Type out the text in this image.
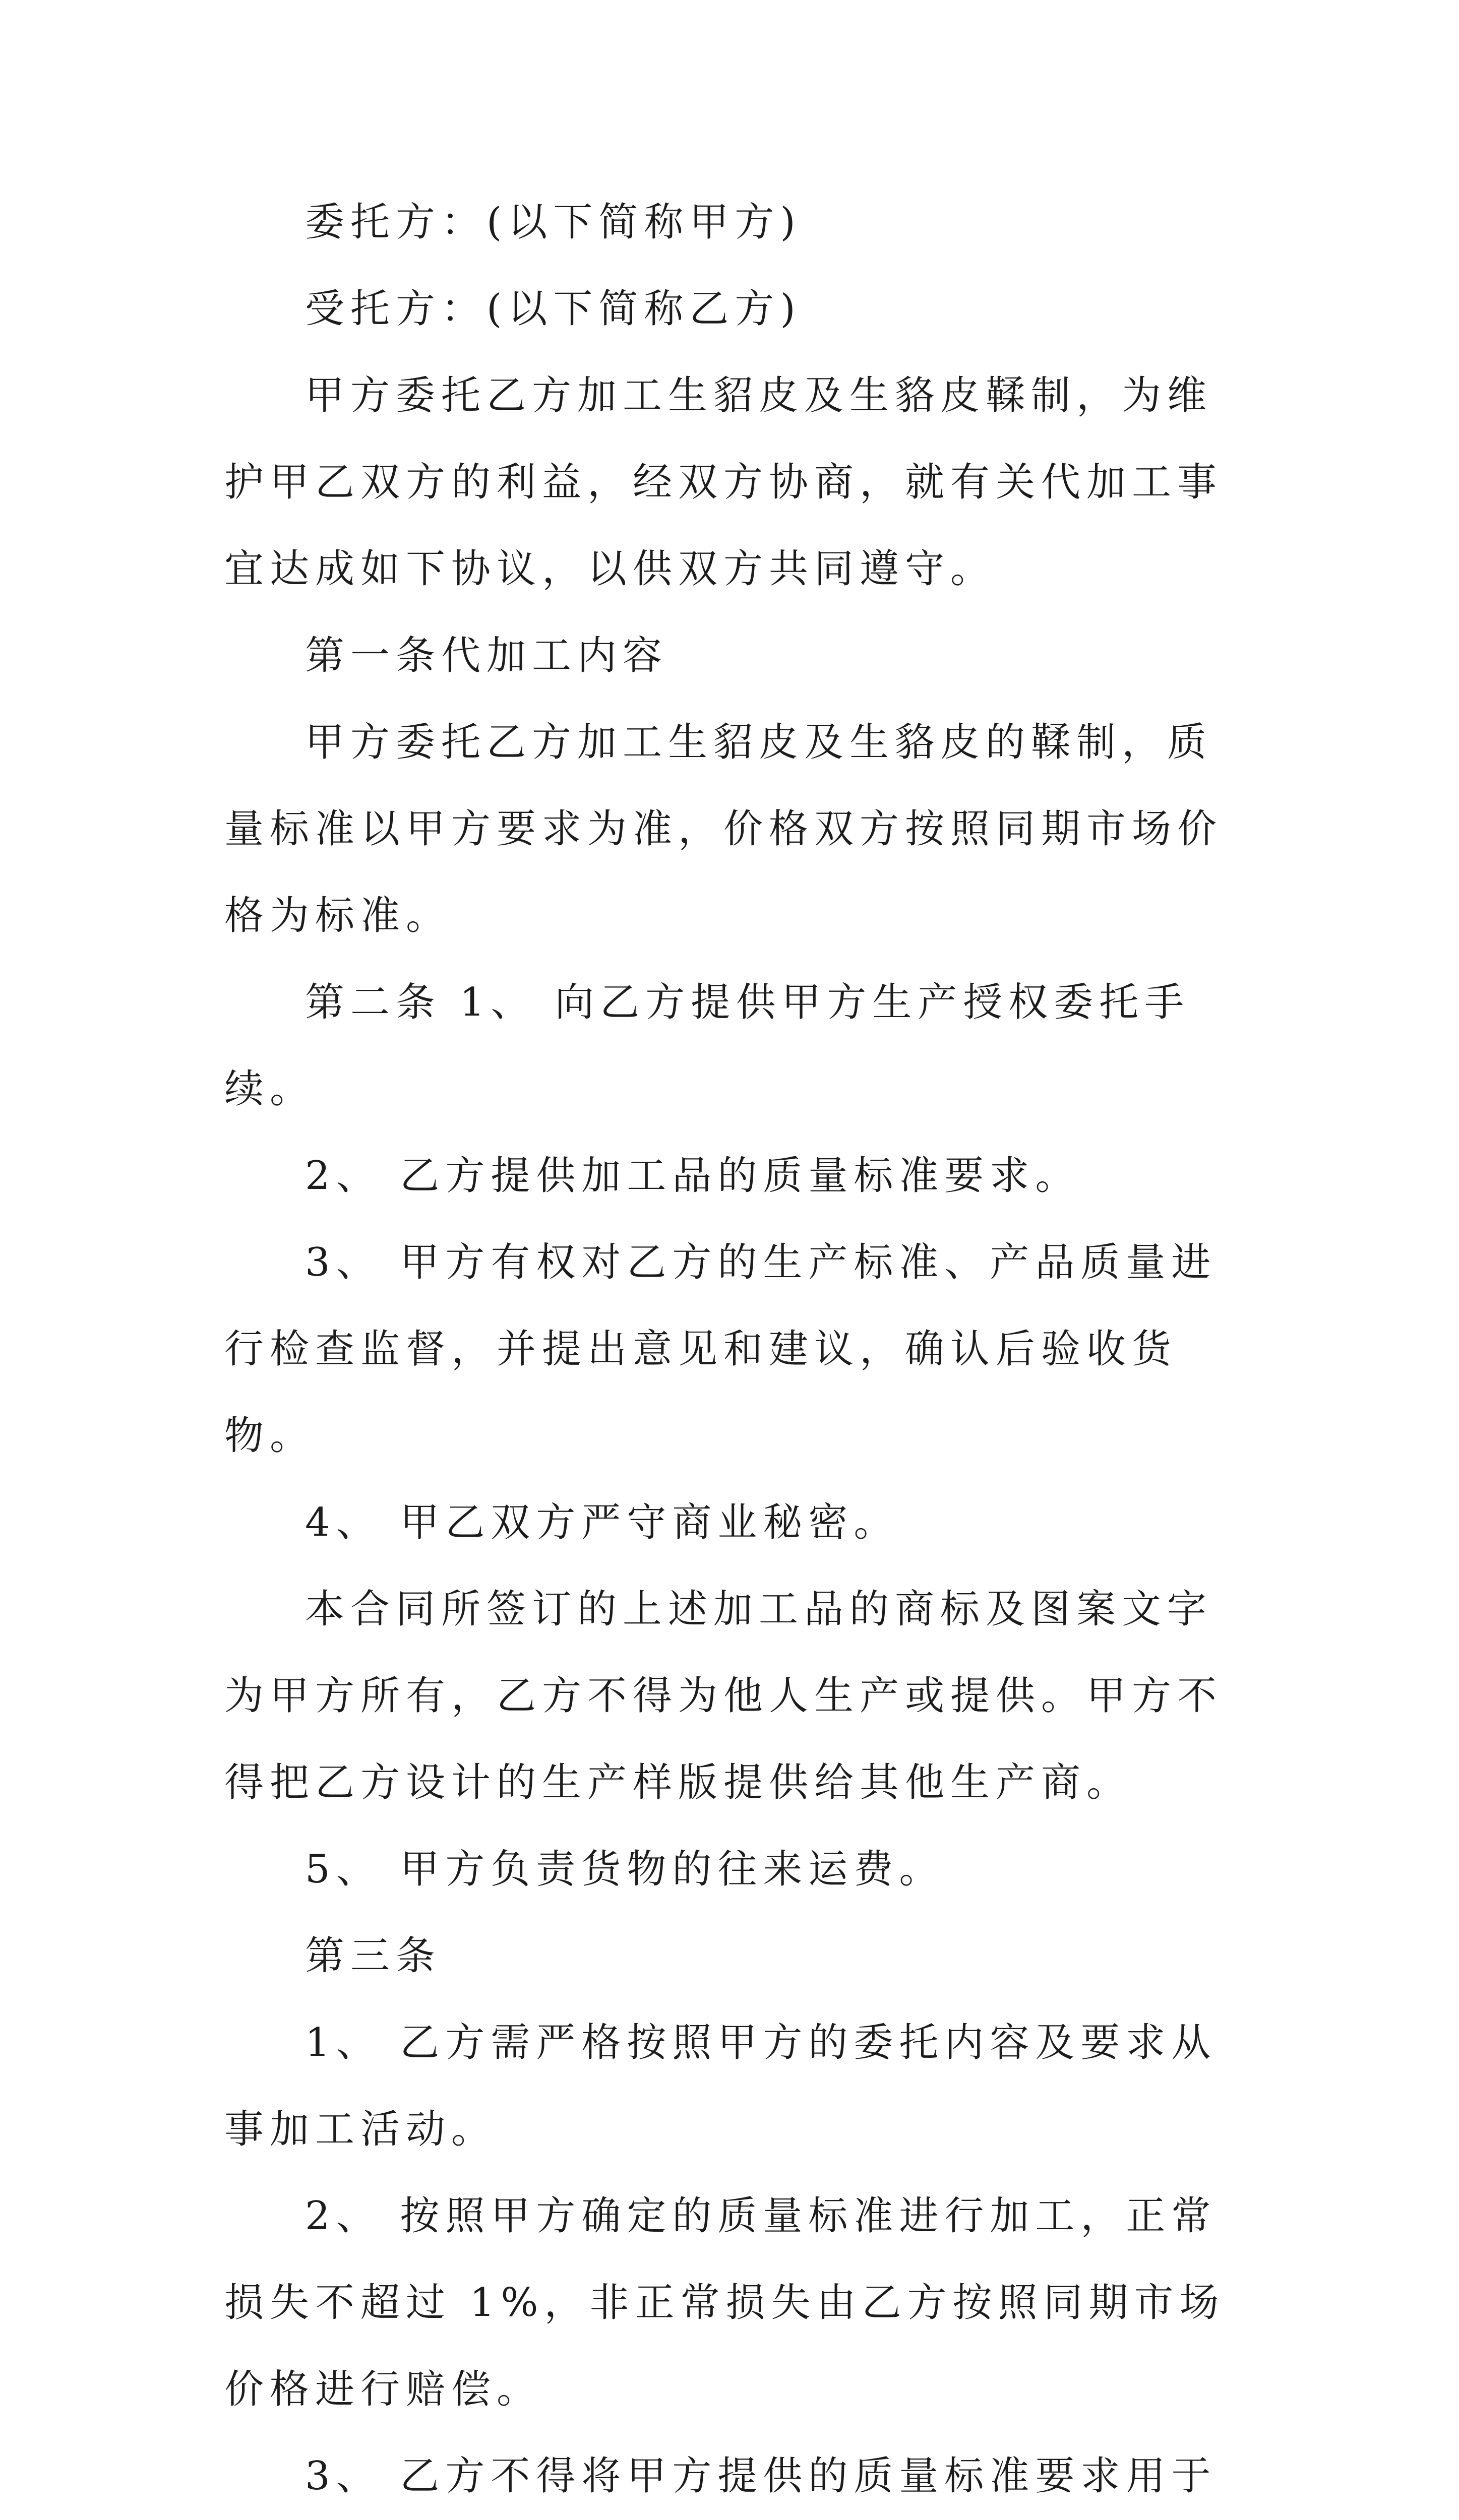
委托方：(以下简称甲方)

受托方：(以下简称乙方)

甲方委托乙方加工生貂皮及生貉皮鞣制，为维护甲乙双方的利益，经双方协商，就有关代加工事宜达成如下协议，以供双方共同遵守。

第一条代加工内容

甲方委托乙方加工生貂皮及生貉皮的鞣制，质量标准以甲方要求为准，价格双方按照同期市场价格为标准。

第二条 1、 向乙方提供甲方生产授权委托手续。

2、 乙方提供加工品的质量标准要求。

3、 甲方有权对乙方的生产标准、产品质量进行检查监督，并提出意见和建议，确认后验收货物。

4、 甲乙双方严守商业秘密。

本合同所签订的上述加工品的商标及图案文字为甲方所有，乙方不得为他人生产或提供。甲方不得把乙方设计的生产样版提供给其他生产商。

5、 甲方负责货物的往来运费。

第三条

1、 乙方需严格按照甲方的委托内容及要求从事加工活动。

2、 按照甲方确定的质量标准进行加工，正常损失不超过 1%，非正常损失由乙方按照同期市场价格进行赔偿。

3、 乙方不得将甲方提供的质量标准要求用于
